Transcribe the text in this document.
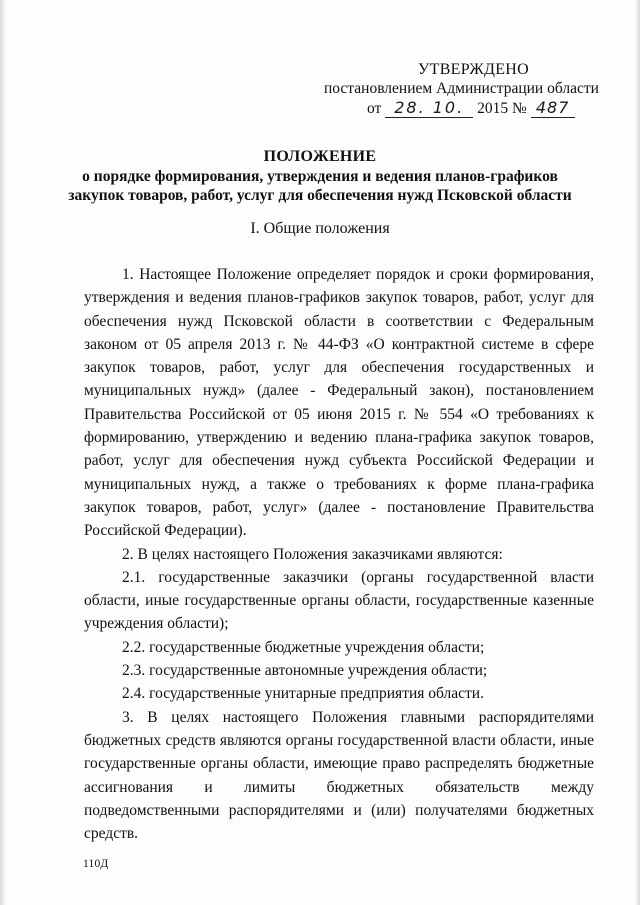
УТВЕРЖДЕНО
постановлением Администрации области
от 28. 10. 2015 № 487
ПОЛОЖЕНИЕ
о порядке формирования, утверждения и ведения планов-графиков
закупок товаров, работ, услуг для обеспечения нужд Псковской области
I. Общие положения

1. Настоящее Положение определяет порядок и сроки формирования, утверждения и ведения планов-графиков закупок товаров, работ, услуг для обеспечения нужд Псковской области в соответствии с Федеральным законом от 05 апреля 2013 г. № 44-ФЗ «О контрактной системе в сфере закупок товаров, работ, услуг для обеспечения государственных и муниципальных нужд» (далее - Федеральный закон), постановлением Правительства Российской от 05 июня 2015 г. № 554 «О требованиях к формированию, утверждению и ведению плана-графика закупок товаров, работ, услуг для обеспечения нужд субъекта Российской Федерации и муниципальных нужд, а также о требованиях к форме плана-графика закупок товаров, работ, услуг» (далее - постановление Правительства Российской Федерации).

2. В целях настоящего Положения заказчиками являются:

2.1. государственные заказчики (органы государственной власти области, иные государственные органы области, государственные казенные учреждения области);

2.2. государственные бюджетные учреждения области;

2.3. государственные автономные учреждения области;

2.4. государственные унитарные предприятия области.

3. В целях настоящего Положения главными распорядителями бюджетных средств являются органы государственной власти области, иные государственные органы области, имеющие право распределять бюджетные ассигнования и лимиты бюджетных обязательств между подведомственными распорядителями и (или) получателями бюджетных средств.

110Д
